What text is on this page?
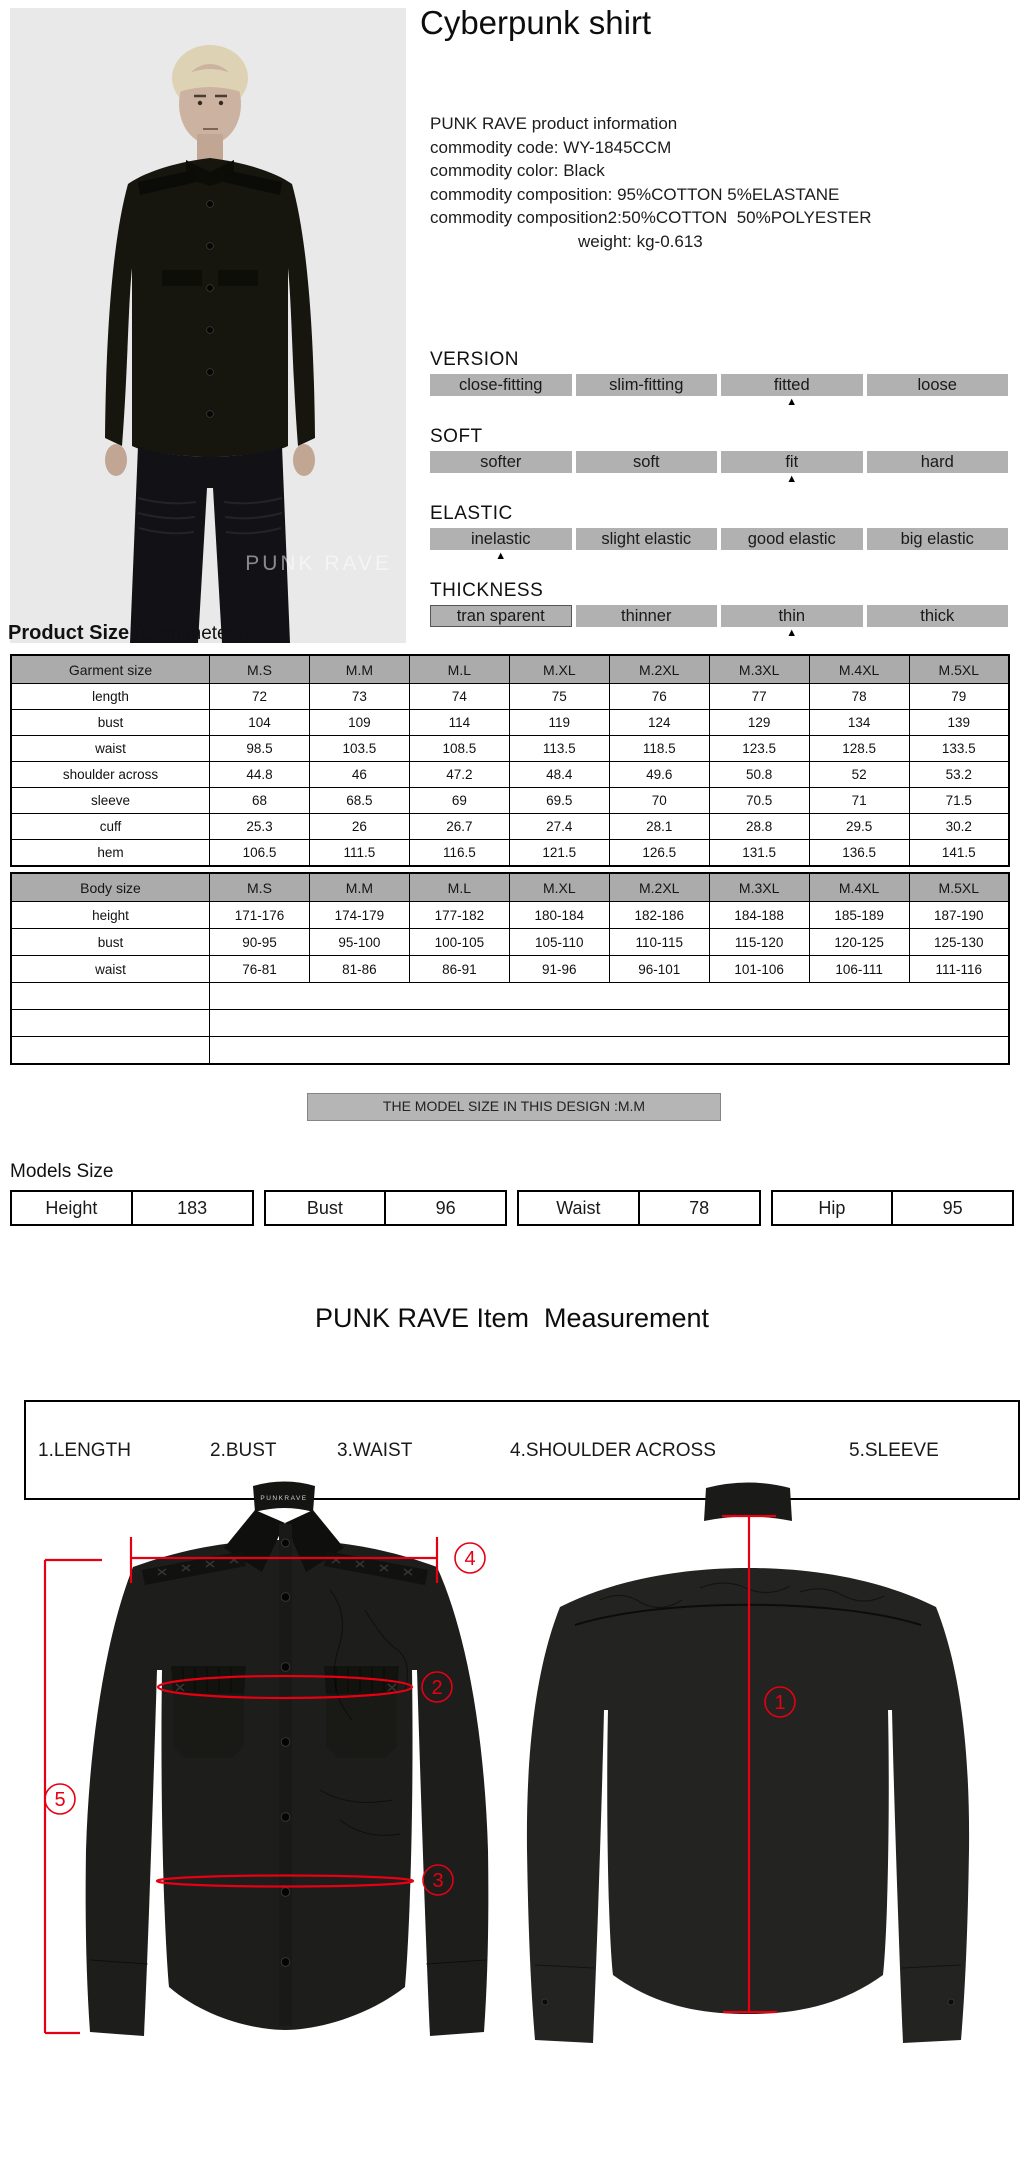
PUNK RAVE
Cyberpunk shirt
PUNK RAVE product information
commodity code: WY-1845CCM
commodity color: Black
commodity composition: 95%COTTON 5%ELASTANE
commodity composition2:50%COTTON  50%POLYESTER
weight: kg-0.613
VERSION
close-fitting	slim-fitting	fitted
▲
loose
SOFT
softer	soft	fit
▲
hard
ELASTIC
inelastic
▲
slight elastic	good elastic	big elastic
THICKNESS
tran sparent	thinner	thin
▲
thick
Product Size (Centimeters)
Garment size	M.S	M.M	M.L	M.XL	M.2XL	M.3XL	M.4XL	M.5XL
length	72	73	74	75	76	77	78	79
bust	104	109	114	119	124	129	134	139
waist	98.5	103.5	108.5	113.5	118.5	123.5	128.5	133.5
shoulder across	44.8	46	47.2	48.4	49.6	50.8	52	53.2
sleeve	68	68.5	69	69.5	70	70.5	71	71.5
cuff	25.3	26	26.7	27.4	28.1	28.8	29.5	30.2
hem	106.5	111.5	116.5	121.5	126.5	131.5	136.5	141.5
Body size	M.S	M.M	M.L	M.XL	M.2XL	M.3XL	M.4XL	M.5XL
height	171-176	174-179	177-182	180-184	182-186	184-188	185-189	187-190
bust	90-95	95-100	100-105	105-110	110-115	115-120	120-125	125-130
waist	76-81	81-86	86-91	91-96	96-101	101-106	106-111	111-116

THE MODEL SIZE IN THIS DESIGN :M.M
Models Size
Height	183	Bust	96	Waist	78	Hip	95
PUNK RAVE Item  Measurement
1.LENGTH	2.BUST	3.WAIST	4.SHOULDER ACROSS	5.SLEEVE
PUNKRAVE
4
5
2
3
1
